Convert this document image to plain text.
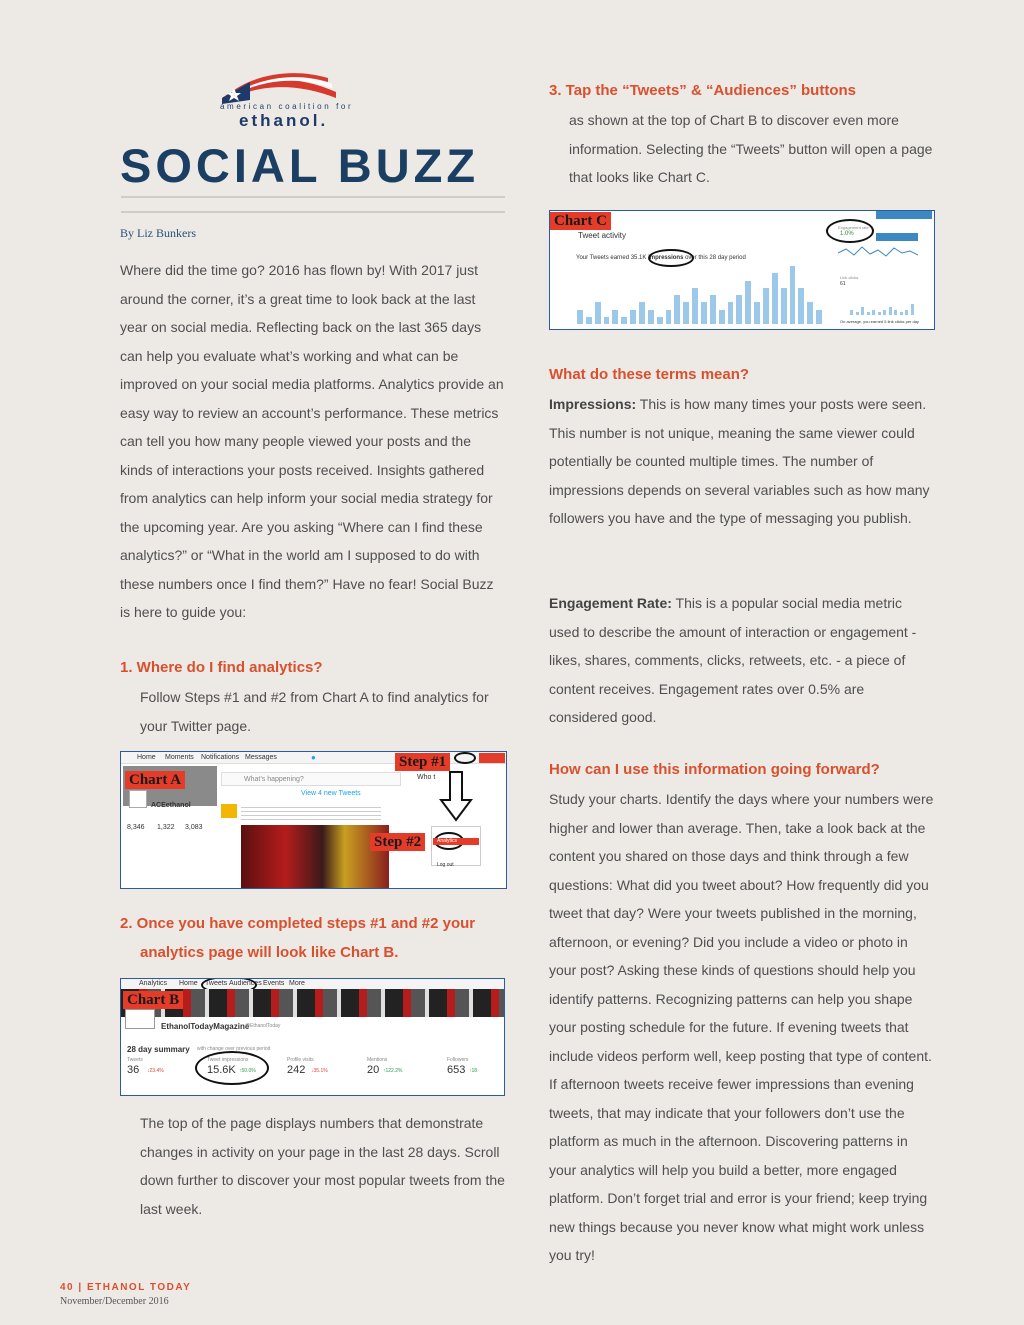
american coalition for
ethanol.
SOCIAL BUZZ
By Liz Bunkers

Where did the time go? 2016 has flown by! With 2017 just around the corner, it’s a great time to look back at the last year on social media. Reflecting back on the last 365 days can help you evaluate what’s working and what can be improved on your social media platforms. Analytics provide an easy way to review an account’s performance. These metrics can tell you how many people viewed your posts and the kinds of interactions your posts received. Insights gathered from analytics can help inform your social media strategy for the upcoming year. Are you asking “Where can I find these analytics?” or “What in the world am I supposed to do with these numbers once I find them?” Have no fear! Social Buzz is here to guide you:

1. Where do I find analytics?

Follow Steps #1 and #2 from Chart A to find analytics for your Twitter page.

Home Moments Notifications Messages	●
Chart A
ACEethanol
8,346 1,322 3,083
What’s happening?
View 4 new Tweets
Step #1
Who t
Step #2	Analytics
Log out
2. Once you have completed steps #1 and #2 your
analytics page will look like Chart B.
Analytics Home Tweets Audiences Events More
Chart B
EthanolTodayMagazine
@EthanolToday
28 day summary with change over previous period
Tweets
36 ↓23.4%
Tweet impressions
15.6K ↑50.0%
Profile visits
242 ↓35.1%
Mentions
20 ↑122.2%
Followers
653 ↑18

The top of the page displays numbers that demonstrate changes in activity on your page in the last 28 days. Scroll down further to discover your most popular tweets from the last week.

3. Tap the “Tweets” & “Audiences” buttons

as shown at the top of Chart B to discover even more information. Selecting the “Tweets” button will open a page that looks like Chart C.

Chart C
Tweet activity
Your Tweets earned 35.1K impressions over this 28 day period
Engagement rate
1.0%
Link clicks
61
On average, you earned 5 link clicks per day
What do these terms mean?

Impressions: This is how many times your posts were seen. This number is not unique, meaning the same viewer could potentially be counted multiple times. The number of impressions depends on several variables such as how many followers you have and the type of messaging you publish.

Engagement Rate: This is a popular social media metric used to describe the amount of interaction or engagement - likes, shares, comments, clicks, retweets, etc. - a piece of content receives. Engagement rates over 0.5% are considered good.

How can I use this information going forward?

Study your charts. Identify the days where your numbers were higher and lower than average. Then, take a look back at the content you shared on those days and think through a few questions: What did you tweet about? How frequently did you tweet that day? Were your tweets published in the morning, afternoon, or evening? Did you include a video or photo in your post? Asking these kinds of questions should help you identify patterns. Recognizing patterns can help you shape your posting schedule for the future. If evening tweets that include videos perform well, keep posting that type of content. If afternoon tweets receive fewer impressions than evening tweets, that may indicate that your followers don’t use the platform as much in the afternoon. Discovering patterns in your analytics will help you build a better, more engaged platform. Don’t forget trial and error is your friend; keep trying new things because you never know what might work unless you try!

40 | ETHANOL TODAY
November/December 2016
